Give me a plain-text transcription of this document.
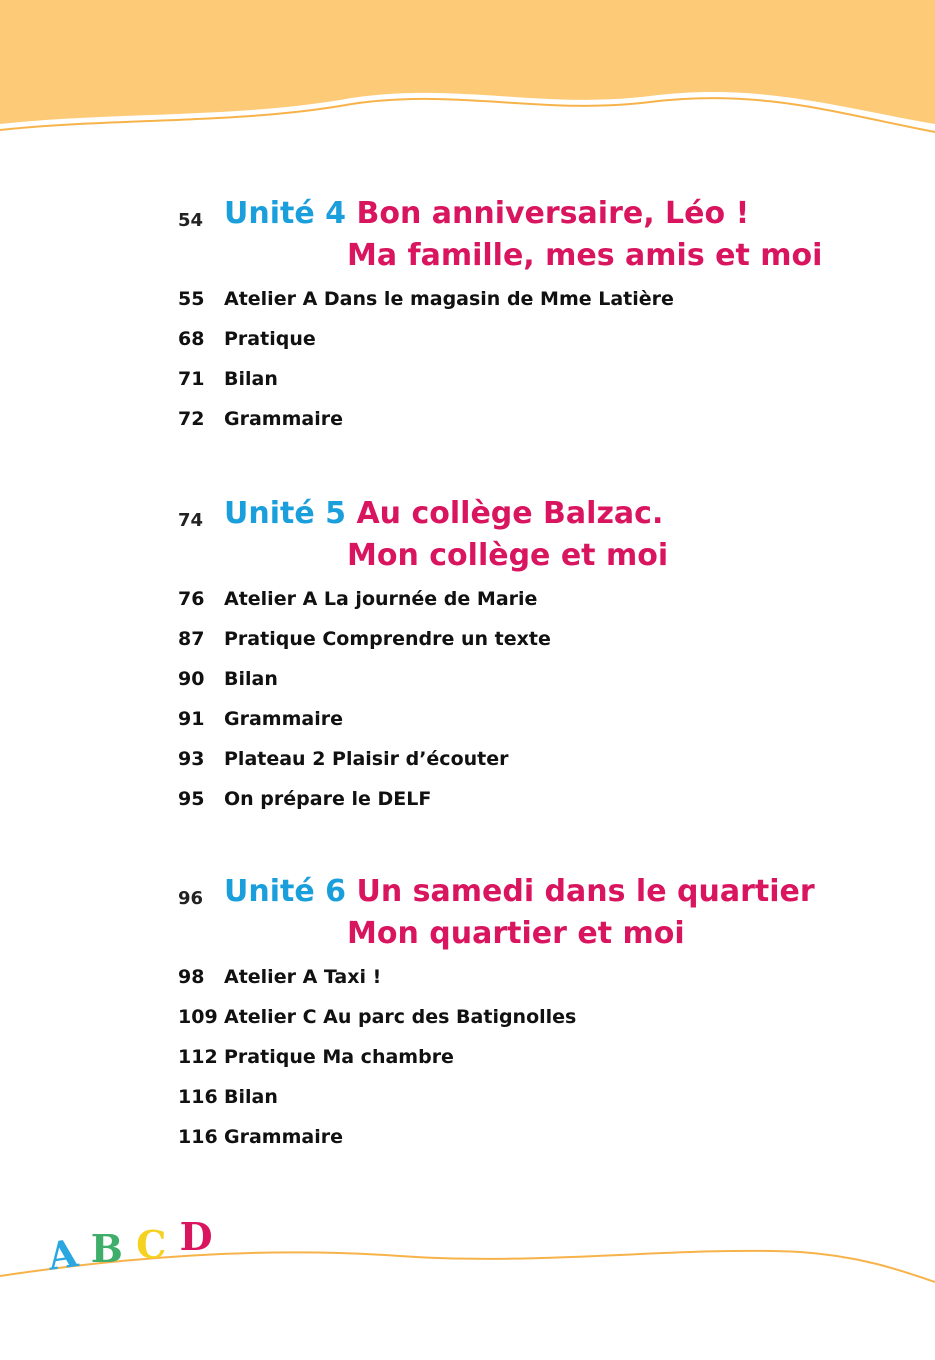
54 Unité 4 Bon anniversaire, Léo !
Ma famille, mes amis et moi
55 Atelier A Dans le magasin de Mme Latière
68 Pratique
71 Bilan
72 Grammaire
74 Unité 5 Au collège Balzac.
Mon collège et moi
76 Atelier A La journée de Marie
87 Pratique Comprendre un texte
90 Bilan
91 Grammaire
93 Plateau 2 Plaisir d’écouter
95 On prépare le DELF
96 Unité 6 Un samedi dans le quartier
Mon quartier et moi
98 Atelier A Taxi !
109 Atelier C Au parc des Batignolles
112 Pratique Ma chambre
116 Bilan
116 Grammaire
A B C D
